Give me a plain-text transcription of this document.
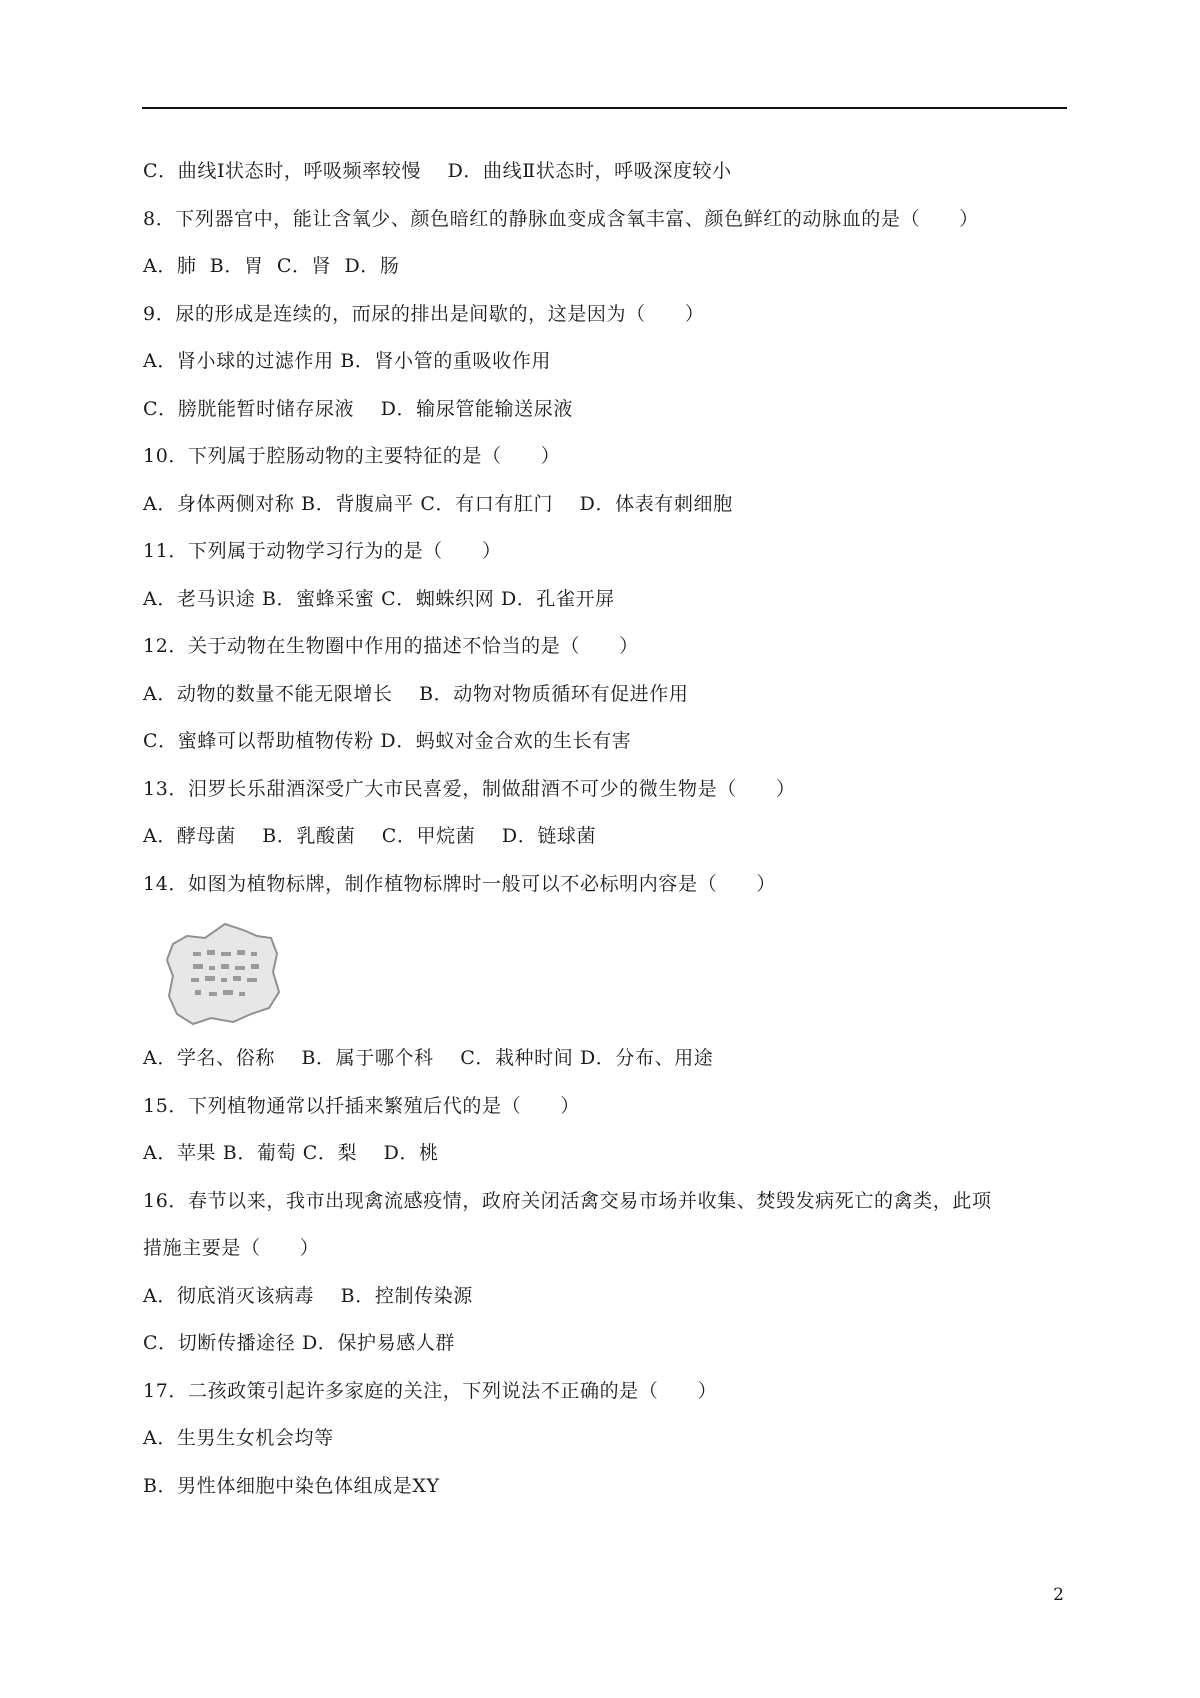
C．曲线Ⅰ状态时，呼吸频率较慢    D．曲线Ⅱ状态时，呼吸深度较小
8．下列器官中，能让含氧少、颜色暗红的静脉血变成含氧丰富、颜色鲜红的动脉血的是（　　）
A．肺  B．胃  C．肾  D．肠
9．尿的形成是连续的，而尿的排出是间歇的，这是因为（　　）
A．肾小球的过滤作用 B．肾小管的重吸收作用
C．膀胱能暂时储存尿液    D．输尿管能输送尿液
10．下列属于腔肠动物的主要特征的是（　　）
A．身体两侧对称 B．背腹扁平 C．有口有肛门    D．体表有刺细胞
11．下列属于动物学习行为的是（　　）
A．老马识途 B．蜜蜂采蜜 C．蜘蛛织网 D．孔雀开屏
12．关于动物在生物圈中作用的描述不恰当的是（　　）
A．动物的数量不能无限增长    B．动物对物质循环有促进作用
C．蜜蜂可以帮助植物传粉 D．蚂蚁对金合欢的生长有害
13．汨罗长乐甜酒深受广大市民喜爱，制做甜酒不可少的微生物是（　　）
A．酵母菌    B．乳酸菌    C．甲烷菌    D．链球菌
14．如图为植物标牌，制作植物标牌时一般可以不必标明内容是（　　）
A．学名、俗称    B．属于哪个科    C．栽种时间 D．分布、用途
15．下列植物通常以扦插来繁殖后代的是（　　）
A．苹果 B．葡萄 C．梨    D．桃
16．春节以来，我市出现禽流感疫情，政府关闭活禽交易市场并收集、焚毁发病死亡的禽类，此项
措施主要是（　　）
A．彻底消灭该病毒    B．控制传染源
C．切断传播途径 D．保护易感人群
17．二孩政策引起许多家庭的关注，下列说法不正确的是（　　）
A．生男生女机会均等
B．男性体细胞中染色体组成是XY
2
